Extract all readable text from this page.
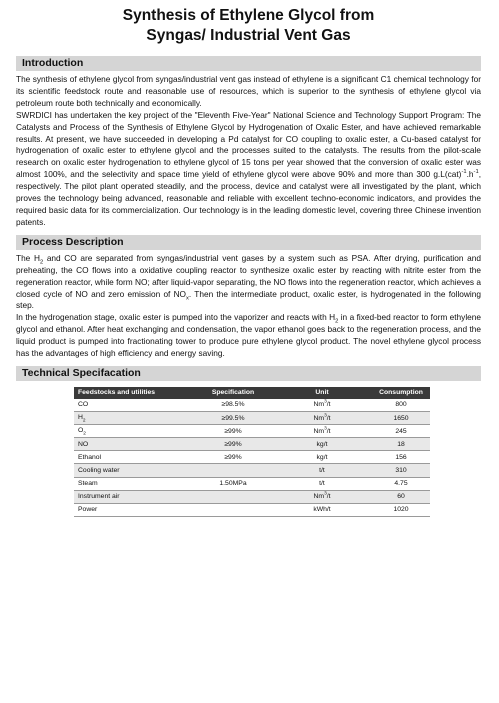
Synthesis of Ethylene Glycol from
Syngas/ Industrial Vent Gas
Introduction

The synthesis of ethylene glycol from syngas/industrial vent gas instead of ethylene is a significant C1 chemical technology for its scientific feedstock route and reasonable use of resources, which is superior to the synthesis of ethylene glycol via petroleum route both technically and economically.

SWRDICI has undertaken the key project of the "Eleventh Five-Year" National Science and Technology Support Program: The Catalysts and Process of the Synthesis of Ethylene Glycol by Hydrogenation of Oxalic Ester, and have achieved remarkable results. At present, we have succeeded in developing a Pd catalyst for CO coupling to oxalic ester, a Cu-based catalyst for hydrogenation of oxalic ester to ethylene glycol and the processes suited to the catalysts. The results from the pilot-scale research on oxalic ester hydrogenation to ethylene glycol of 15 tons per year showed that the conversion of oxalic ester was almost 100%, and the selectivity and space time yield of ethylene glycol were above 90% and more than 300 $g.L(cat)^{-1}.h^{-1}$, respectively. The pilot plant operated steadily, and the process, device and catalyst were all investigated by the plant, which proves the technology being advanced, reasonable and reliable with excellent techno-economic indicators, and provides the required basic data for its commercialization. Our technology is in the leading domestic level, covering three Chinese invention patents.

Process Description

The $H_2$ and CO are separated from syngas/industrial vent gases by a system such as PSA. After drying, purification and preheating, the CO flows into a oxidative coupling reactor to synthesize oxalic ester by reacting with nitrite ester from the regeneration reactor, while form NO; after liquid-vapor separating, the NO flows into the regeneration reactor, which achieves a closed cycle of NO and zero emission of $NO_x$. Then the intermediate product, oxalic ester, is hydrogenated in the following step.

In the hydrogenation stage, oxalic ester is pumped into the vaporizer and reacts with $H_2$ in a fixed-bed reactor to form ethylene glycol and ethanol. After heat exchanging and condensation, the vapor ethanol goes back to the regeneration process, and the liquid product is pumped into fractionating tower to produce pure ethylene glycol product. The novel ethylene glycol process has the advantages of high efficiency and energy saving.

Technical Specifacation
Feedstocks and utilities	Specification	Unit	Consumption
CO	≥98.5%	Nm$^3$/t	800
$H_2$	≥99.5%	Nm$^3$/t	1650
$O_2$	≥99%	Nm$^3$/t	245
NO	≥99%	kg/t	18
Ethanol	≥99%	kg/t	156
Cooling water		t/t	310
Steam	1.50MPa	t/t	4.75
Instrument air		Nm$^3$/t	60
Power		kWh/t	1020
